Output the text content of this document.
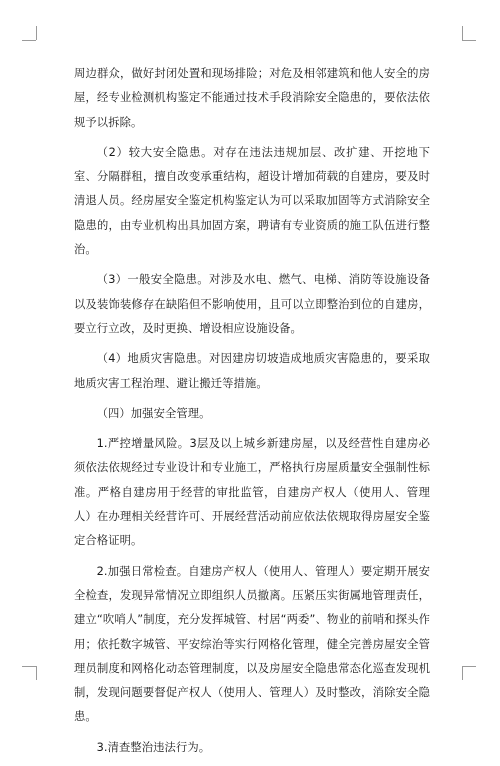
周边群众，做好封闭处置和现场排险；对危及相邻建筑和他人安全的房屋，经专业检测机构鉴定不能通过技术手段消除安全隐患的，要依法依规予以拆除。

（2）较大安全隐患。对存在违法违规加层、改扩建、开挖地下室、分隔群租，擅自改变承重结构，超设计增加荷载的自建房，要及时清退人员。经房屋安全鉴定机构鉴定认为可以采取加固等方式消除安全隐患的，由专业机构出具加固方案，聘请有专业资质的施工队伍进行整治。

（3）一般安全隐患。对涉及水电、燃气、电梯、消防等设施设备以及装饰装修存在缺陷但不影响使用，且可以立即整治到位的自建房，要立行立改，及时更换、增设相应设施设备。

（4）地质灾害隐患。对因建房切坡造成地质灾害隐患的，要采取地质灾害工程治理、避让搬迁等措施。

（四）加强安全管理。

1.严控增量风险。3层及以上城乡新建房屋，以及经营性自建房必须依法依规经过专业设计和专业施工，严格执行房屋质量安全强制性标准。严格自建房用于经营的审批监管，自建房产权人（使用人、管理人）在办理相关经营许可、开展经营活动前应依法依规取得房屋安全鉴定合格证明。

2.加强日常检查。自建房产权人（使用人、管理人）要定期开展安全检查，发现异常情况立即组织人员撤离。压紧压实街属地管理责任，建立“吹哨人”制度，充分发挥城管、村居“两委”、物业的前哨和探头作用；依托数字城管、平安综治等实行网格化管理，健全完善房屋安全管理员制度和网格化动态管理制度，以及房屋安全隐患常态化巡查发现机制，发现问题要督促产权人（使用人、管理人）及时整改，消除安全隐患。

3.清查整治违法行为。
